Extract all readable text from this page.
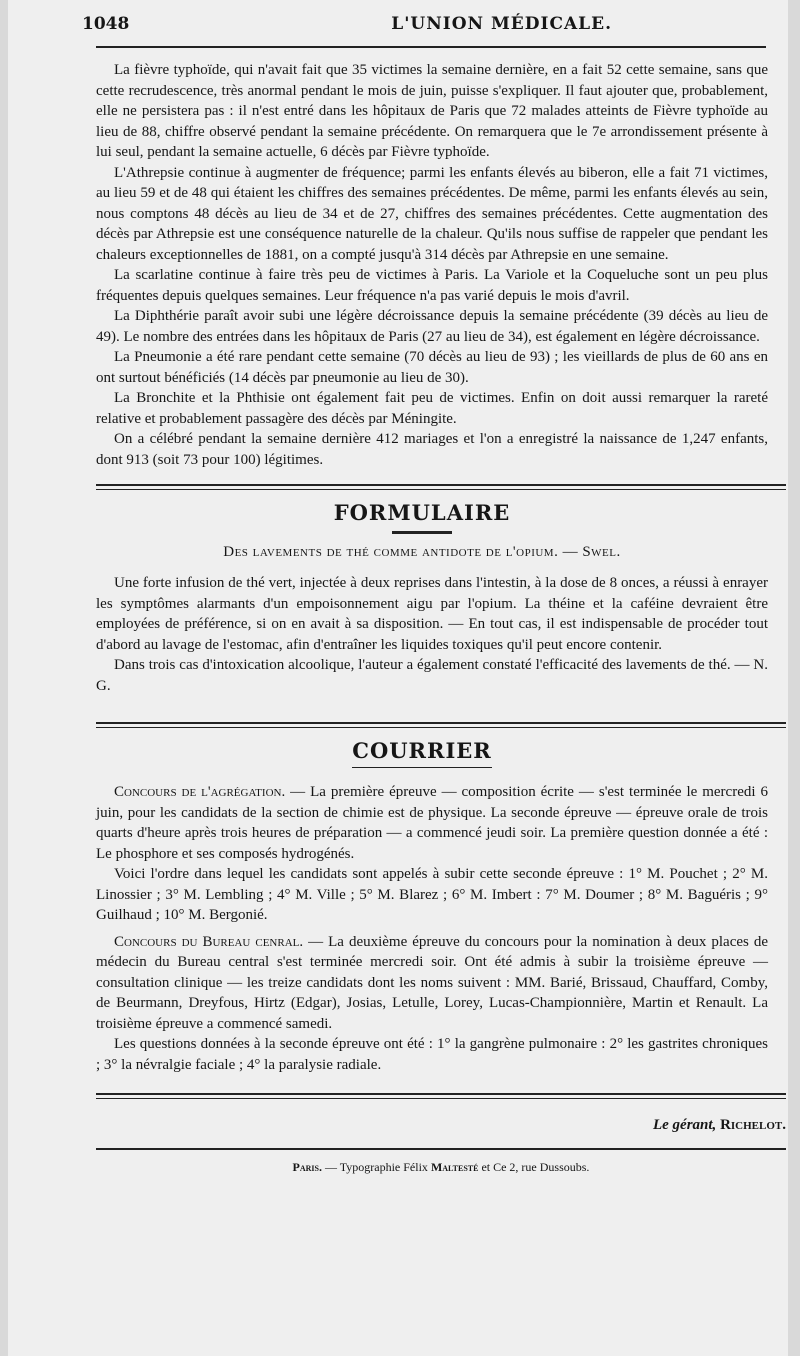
1048	L'UNION MÉDICALE.

La fièvre typhoïde, qui n'avait fait que 35 victimes la semaine dernière, en a fait 52 cette semaine, sans que cette recrudescence, très anormal pendant le mois de juin, puisse s'expliquer. Il faut ajouter que, probablement, elle ne persistera pas : il n'est entré dans les hôpitaux de Paris que 72 malades atteints de Fièvre typhoïde au lieu de 88, chiffre observé pendant la semaine précédente. On remarquera que le 7e arrondissement présente à lui seul, pendant la semaine actuelle, 6 décès par Fièvre typhoïde.

L'Athrepsie continue à augmenter de fréquence; parmi les enfants élevés au biberon, elle a fait 71 victimes, au lieu 59 et de 48 qui étaient les chiffres des semaines précédentes. De même, parmi les enfants élevés au sein, nous comptons 48 décès au lieu de 34 et de 27, chiffres des semaines précédentes. Cette augmentation des décès par Athrepsie est une conséquence naturelle de la chaleur. Qu'ils nous suffise de rappeler que pendant les chaleurs exceptionnelles de 1881, on a compté jusqu'à 314 décès par Athrepsie en une semaine.

La scarlatine continue à faire très peu de victimes à Paris. La Variole et la Coqueluche sont un peu plus fréquentes depuis quelques semaines. Leur fréquence n'a pas varié depuis le mois d'avril.

La Diphthérie paraît avoir subi une légère décroissance depuis la semaine précédente (39 décès au lieu de 49). Le nombre des entrées dans les hôpitaux de Paris (27 au lieu de 34), est également en légère décroissance.

La Pneumonie a été rare pendant cette semaine (70 décès au lieu de 93) ; les vieillards de plus de 60 ans en ont surtout bénéficiés (14 décès par pneumonie au lieu de 30).

La Bronchite et la Phthisie ont également fait peu de victimes. Enfin on doit aussi remarquer la rareté relative et probablement passagère des décès par Méningite.

On a célébré pendant la semaine dernière 412 mariages et l'on a enregistré la naissance de 1,247 enfants, dont 913 (soit 73 pour 100) légitimes.

FORMULAIRE
Des lavements de thé comme antidote de l'opium. — Swel.

Une forte infusion de thé vert, injectée à deux reprises dans l'intestin, à la dose de 8 onces, a réussi à enrayer les symptômes alarmants d'un empoisonnement aigu par l'opium. La théine et la caféine devraient être employées de préférence, si on en avait à sa disposition. — En tout cas, il est indispensable de procéder tout d'abord au lavage de l'estomac, afin d'entraîner les liquides toxiques qu'il peut encore contenir.

Dans trois cas d'intoxication alcoolique, l'auteur a également constaté l'efficacité des lavements de thé. — N. G.

COURRIER

Concours de l'agrégation. — La première épreuve — composition écrite — s'est terminée le mercredi 6 juin, pour les candidats de la section de chimie est de physique. La seconde épreuve — épreuve orale de trois quarts d'heure après trois heures de préparation — a commencé jeudi soir. La première question donnée a été : Le phosphore et ses composés hydrogénés.

Voici l'ordre dans lequel les candidats sont appelés à subir cette seconde épreuve : 1° M. Pouchet ; 2° M. Linossier ; 3° M. Lembling ; 4° M. Ville ; 5° M. Blarez ; 6° M. Imbert : 7° M. Doumer ; 8° M. Baguéris ; 9° Guilhaud ; 10° M. Bergonié.

Concours du Bureau cenral. — La deuxième épreuve du concours pour la nomination à deux places de médecin du Bureau central s'est terminée mercredi soir. Ont été admis à subir la troisième épreuve — consultation clinique — les treize candidats dont les noms suivent : MM. Barié, Brissaud, Chauffard, Comby, de Beurmann, Dreyfous, Hirtz (Edgar), Josias, Letulle, Lorey, Lucas-Championnière, Martin et Renault. La troisième épreuve a commencé samedi.

Les questions données à la seconde épreuve ont été : 1° la gangrène pulmonaire : 2° les gastrites chroniques ; 3° la névralgie faciale ; 4° la paralysie radiale.

Le gérant, Richelot.
Paris. — Typographie Félix Maltesté et Ce 2, rue Dussoubs.
